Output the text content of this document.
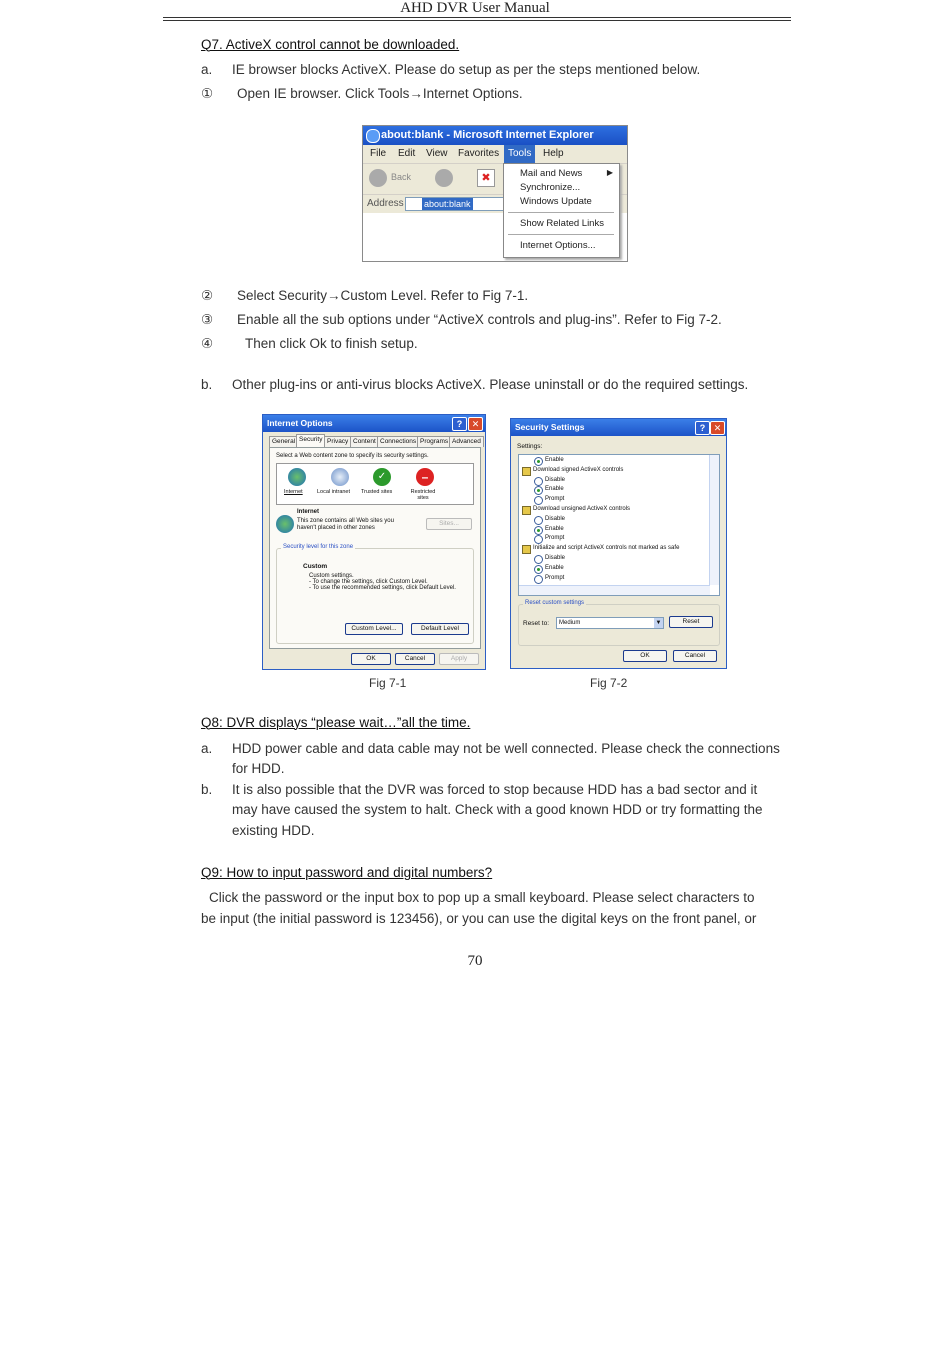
AHD DVR User Manual
Q7. ActiveX control cannot be downloaded.
a. IE browser blocks ActiveX. Please do setup as per the steps mentioned below.
① Open IE browser. Click Tools→Internet Options.
about:blank - Microsoft Internet Explorer
File Edit View Favorites Tools	Help
Back	✖
Address about:blank
Mail and News	▶
Synchronize...
Windows Update
Show Related Links
Internet Options...
② Select Security→Custom Level. Refer to Fig 7-1.
③ Enable all the sub options under “ActiveX controls and plug-ins”. Refer to Fig 7-2.
④ Then click Ok to finish setup.
b. Other plug-ins or anti-virus blocks ActiveX. Please uninstall or do the required settings.
Internet Options	?	✕
General Security Privacy Content Connections Programs Advanced
Select a Web content zone to specify its security settings.
Internet	Local intranet
✓
Trusted sites
–
Restricted sites
Internet
This zone contains all Web sites you haven't placed in other zones
Sites...
Security level for this zone
Custom
Custom settings.
- To change the settings, click Custom Level.
- To use the recommended settings, click Default Level.
Custom Level...	Default Level
OK	Cancel	Apply
Security Settings	? ✕
Settings:
Enable
Download signed ActiveX controls
Disable
Enable
Prompt
Download unsigned ActiveX controls
Disable
Enable
Prompt
Initialize and script ActiveX controls not marked as safe
Disable
Enable
Prompt
Reset custom settings
Reset to:	Medium	▼	Reset
OK	Cancel
Fig 7-1	Fig 7-2
Q8: DVR displays “please wait…”all the time.
a. HDD power cable and data cable may not be well connected. Please check the connections
for HDD.
b. It is also possible that the DVR was forced to stop because HDD has a bad sector and it
may have caused the system to halt. Check with a good known HDD or try formatting the
existing HDD.
Q9: How to input password and digital numbers?
Click the password or the input box to pop up a small keyboard. Please select characters to
be input (the initial password is 123456), or you can use the digital keys on the front panel, or
70
